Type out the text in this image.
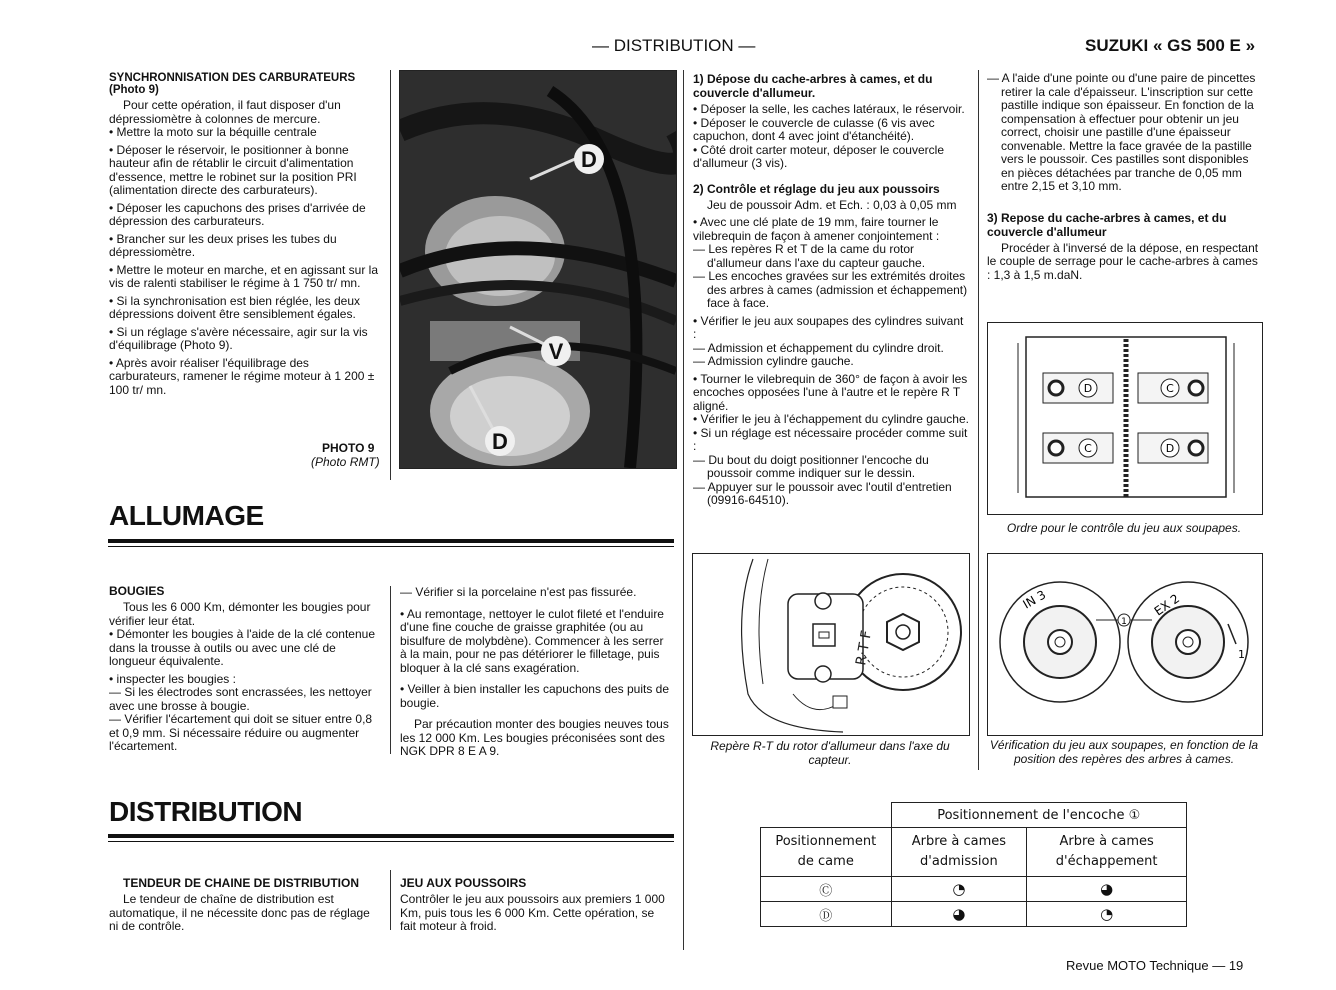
— DISTRIBUTION —	SUZUKI « GS 500 E »

SYNCHRONNISATION DES CARBURATEURS (Photo 9)

Pour cette opération, il faut disposer d'un dépressiomètre à colonnes de mercure.

• Mettre la moto sur la béquille centrale

• Déposer le réservoir, le positionner à bonne hauteur afin de rétablir le circuit d'alimentation d'essence, mettre le robinet sur la position PRI (alimentation directe des carburateurs).

• Déposer les capuchons des prises d'arrivée de dépression des carburateurs.

• Brancher sur les deux prises les tubes du dépressiomètre.

• Mettre le moteur en marche, et en agissant sur la vis de ralenti stabiliser le régime à 1 750 tr/ mn.

• Si la synchronisation est bien réglée, les deux dépressions doivent être sensiblement égales.

• Si un réglage s'avère nécessaire, agir sur la vis d'équilibrage (Photo 9).

• Après avoir réaliser l'équilibrage des carburateurs, ramener le régime moteur à 1 200 ± 100 tr/ mn.

PHOTO 9
(Photo RMT)
D
V
D
ALLUMAGE

BOUGIES

Tous les 6 000 Km, démonter les bougies pour vérifier leur état.

• Démonter les bougies à l'aide de la clé contenue dans la trousse à outils ou avec une clé de longueur équivalente.

• inspecter les bougies :

— Si les électrodes sont encrassées, les nettoyer avec une brosse à bougie.

— Vérifier l'écartement qui doit se situer entre 0,8 et 0,9 mm. Si nécessaire réduire ou augmenter l'écartement.

— Vérifier si la porcelaine n'est pas fissurée.

• Au remontage, nettoyer le culot fileté et l'enduire d'une fine couche de graisse graphitée (ou au bisulfure de molybdène). Commencer à les serrer à la main, pour ne pas détériorer le filletage, puis bloquer à la clé sans exagération.

• Veiller à bien installer les capuchons des puits de bougie.

Par précaution monter des bougies neuves tous les 12 000 Km. Les bougies préconisées sont des NGK DPR 8 E A 9.

DISTRIBUTION

TENDEUR DE CHAINE DE DISTRIBUTION

Le tendeur de chaîne de distribution est automatique, il ne nécessite donc pas de réglage ni de contrôle.

JEU AUX POUSSOIRS

Contrôler le jeu aux poussoirs aux premiers 1 000 Km, puis tous les 6 000 Km. Cette opération, se fait moteur à froid.

1) Dépose du cache-arbres à cames, et du couvercle d'allumeur.

• Déposer la selle, les caches latéraux, le réservoir.

• Déposer le couvercle de culasse (6 vis avec capuchon, dont 4 avec joint d'étanchéité).

• Côté droit carter moteur, déposer le couvercle d'allumeur (3 vis).

2) Contrôle et réglage du jeu aux poussoirs

Jeu de poussoir Adm. et Ech. : 0,03 à 0,05 mm

• Avec une clé plate de 19 mm, faire tourner le vilebrequin de façon à amener conjointement :

— Les repères R et T de la came du rotor d'allumeur dans l'axe du capteur gauche.

— Les encoches gravées sur les extrémités droites des arbres à cames (admission et échappement) face à face.

• Vérifier le jeu aux soupapes des cylindres suivant :

— Admission et échappement du cylindre droit.

— Admission cylindre gauche.

• Tourner le vilebrequin de 360° de façon à avoir les encoches opposées l'une à l'autre et le repère R T aligné.

• Vérifier le jeu à l'échappement du cylindre gauche.

• Si un réglage est nécessaire procéder comme suit :

— Du bout du doigt positionner l'encoche du poussoir comme indiquer sur le dessin.

— Appuyer sur le poussoir avec l'outil d'entretien (09916-64510).

R·T F
Repère R-T du rotor d'allumeur dans l'axe du capteur.

— A l'aide d'une pointe ou d'une paire de pincettes retirer la cale d'épaisseur. L'inscription sur cette pastille indique son épaisseur. En fonction de la compensation à effectuer pour obtenir un jeu correct, choisir une pastille d'une épaisseur convenable. Mettre la face gravée de la pastille vers le poussoir. Ces pastilles sont disponibles en pièces détachées par tranche de 0,05 mm entre 2,15 et 3,10 mm.

3) Repose du cache-arbres à cames, et du couvercle d'allumeur

Procéder à l'inversé de la dépose, en respectant le couple de serrage pour le cache-arbres à cames : 1,3 à 1,5 m.daN.

D	C
C	D
Ordre pour le contrôle du jeu aux soupapes.
1
IN 3	EX 2
1
1
Vérification du jeu aux soupapes, en fonction de la position des repères des arbres à cames.
	Positionnement de l'encoche ①	
Positionnement de came	Arbre à cames d'admission	Arbre à cames d'échappement
Ⓒ	◔	◕
Ⓓ	◕	◔
Revue MOTO Technique — 19
